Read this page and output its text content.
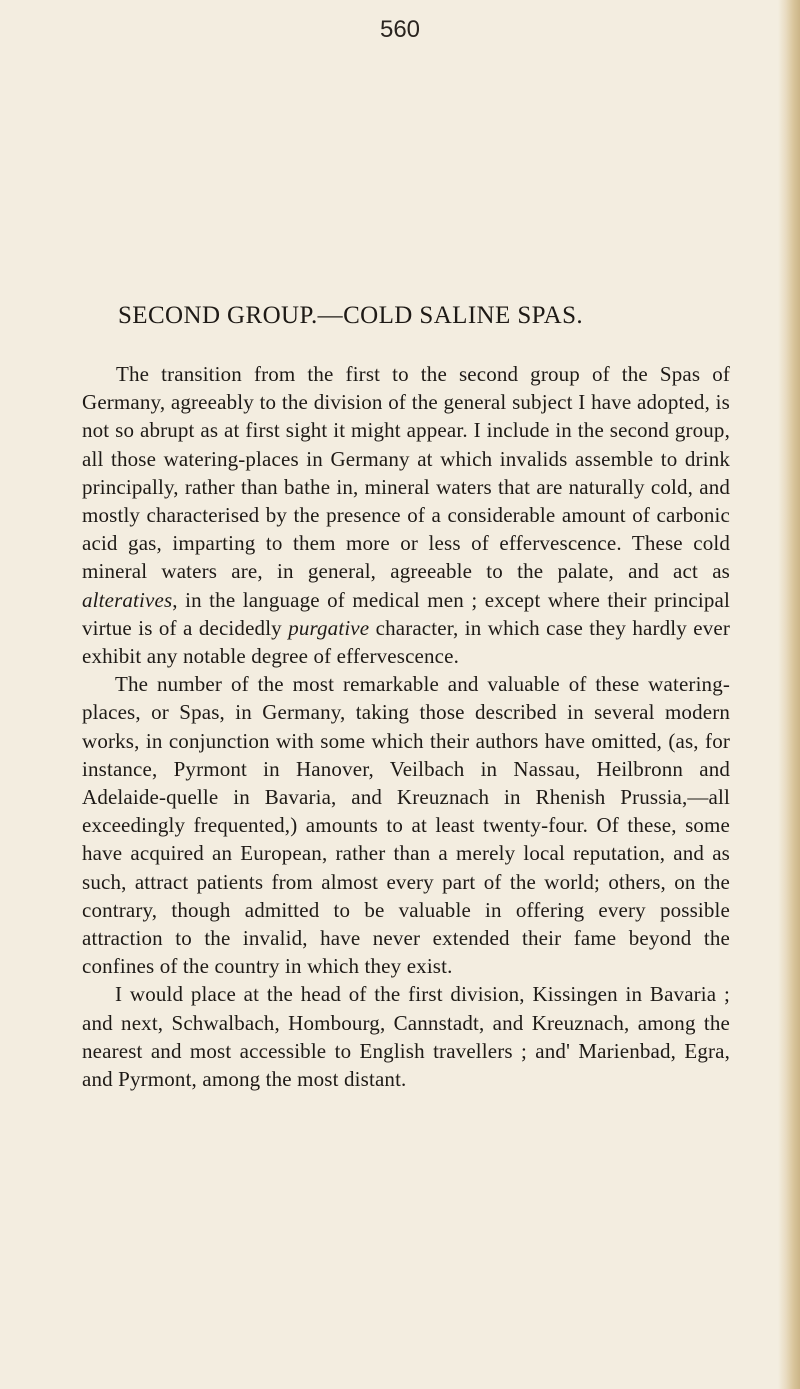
560
SECOND GROUP.—COLD SALINE SPAS.

The transition from the first to the second group of the Spas of Germany, agreeably to the division of the general subject I have adopted, is not so abrupt as at first sight it might appear. I include in the second group, all those watering-places in Germany at which invalids assemble to drink principally, rather than bathe in, mineral waters that are naturally cold, and mostly characterised by the presence of a considerable amount of carbonic acid gas, imparting to them more or less of effervescence. These cold mineral waters are, in general, agreeable to the palate, and act as alteratives, in the language of medical men ; except where their principal virtue is of a decidedly purgative character, in which case they hardly ever exhibit any notable degree of effervescence.

The number of the most remarkable and valuable of these watering-places, or Spas, in Germany, taking those described in several modern works, in conjunction with some which their authors have omitted, (as, for instance, Pyrmont in Hanover, Veilbach in Nassau, Heilbronn and Adelaide-quelle in Bavaria, and Kreuznach in Rhenish Prussia,—all exceedingly frequented,) amounts to at least twenty-four. Of these, some have acquired an European, rather than a merely local reputation, and as such, attract patients from almost every part of the world; others, on the contrary, though admitted to be valuable in offering every possible attraction to the invalid, have never extended their fame beyond the confines of the country in which they exist.

I would place at the head of the first division, Kissingen in Bavaria ; and next, Schwalbach, Hombourg, Cannstadt, and Kreuznach, among the nearest and most accessible to English travellers ; and' Marienbad, Egra, and Pyrmont, among the most distant.
